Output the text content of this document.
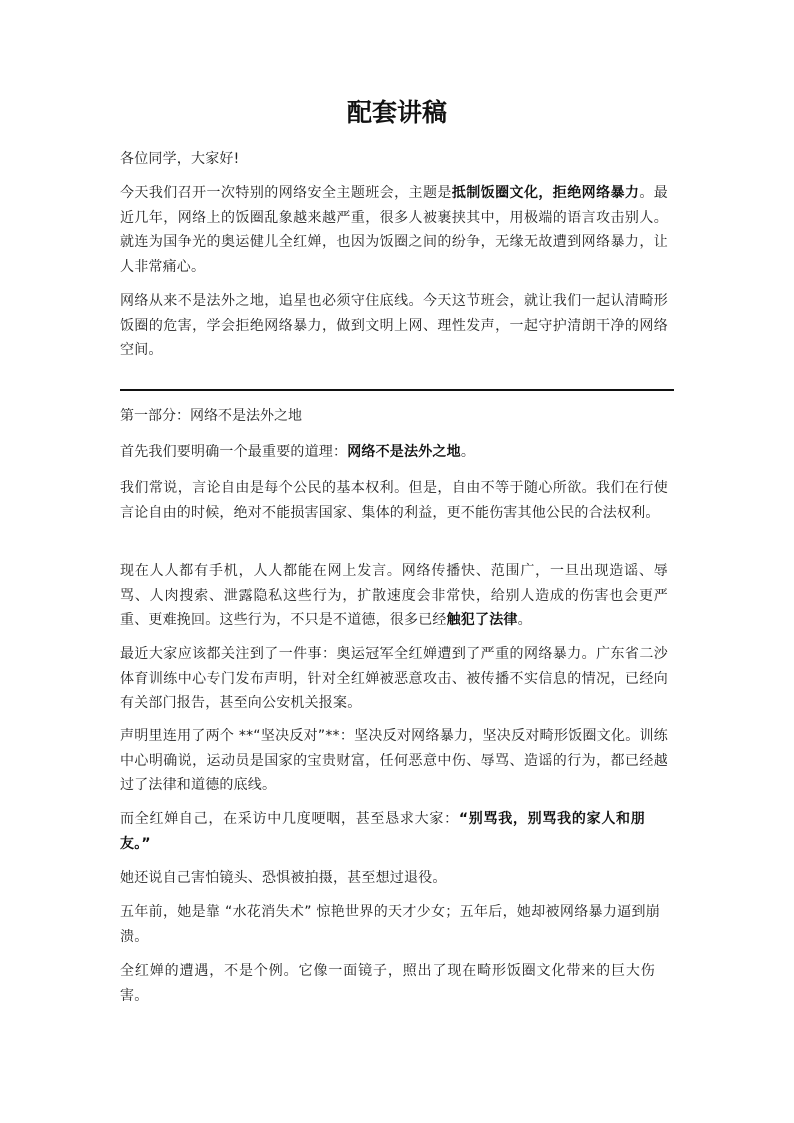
配套讲稿

各位同学，大家好!

今天我们召开一次特别的网络安全主题班会，主题是抵制饭圈文化，拒绝网络暴力。最近几年，网络上的饭圈乱象越来越严重，很多人被裹挟其中，用极端的语言攻击别人。就连为国争光的奥运健儿全红婵，也因为饭圈之间的纷争，无缘无故遭到网络暴力，让人非常痛心。

网络从来不是法外之地，追星也必须守住底线。今天这节班会，就让我们一起认清畸形饭圈的危害，学会拒绝网络暴力，做到文明上网、理性发声，一起守护清朗干净的网络空间。

第一部分：网络不是法外之地

首先我们要明确一个最重要的道理：网络不是法外之地。

我们常说，言论自由是每个公民的基本权利。但是，自由不等于随心所欲。我们在行使言论自由的时候，绝对不能损害国家、集体的利益，更不能伤害其他公民的合法权利。

现在人人都有手机，人人都能在网上发言。网络传播快、范围广，一旦出现造谣、辱骂、人肉搜索、泄露隐私这些行为，扩散速度会非常快，给别人造成的伤害也会更严重、更难挽回。这些行为，不只是不道德，很多已经触犯了法律。

最近大家应该都关注到了一件事：奥运冠军全红婵遭到了严重的网络暴力。广东省二沙体育训练中心专门发布声明，针对全红婵被恶意攻击、被传播不实信息的情况，已经向有关部门报告，甚至向公安机关报案。

声明里连用了两个 **“坚决反对”**：坚决反对网络暴力，坚决反对畸形饭圈文化。训练中心明确说，运动员是国家的宝贵财富，任何恶意中伤、辱骂、造谣的行为，都已经越过了法律和道德的底线。

而全红婵自己，在采访中几度哽咽，甚至恳求大家：“别骂我，别骂我的家人和朋友。”

她还说自己害怕镜头、恐惧被拍摄，甚至想过退役。

五年前，她是靠 “水花消失术” 惊艳世界的天才少女；五年后，她却被网络暴力逼到崩溃。

全红婵的遭遇，不是个例。它像一面镜子，照出了现在畸形饭圈文化带来的巨大伤害。
